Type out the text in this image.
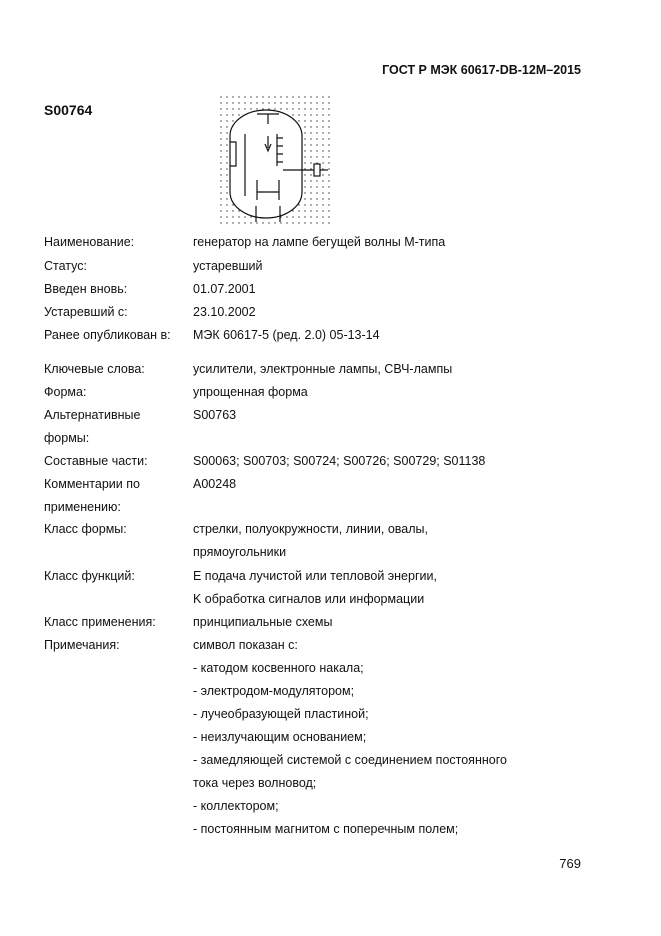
ГОСТ Р МЭК 60617-DB-12M–2015
S00764
Наименование:	генератор на лампе бегущей волны М-типа
Статус:	устаревший
Введен вновь:	01.07.2001
Устаревший с:	23.10.2002
Ранее опубликован в: МЭК 60617-5 (ред. 2.0) 05-13-14
Ключевые слова:	усилители, электронные лампы, СВЧ-лампы
Форма:	упрощенная форма
Альтернативные	S00763
формы:
Составные части:	S00063; S00703; S00724; S00726; S00729; S01138
Комментарии по	A00248
применению:
Класс формы:	стрелки, полуокружности, линии, овалы,
прямоугольники
Класс функций:	E подача лучистой или тепловой энергии,
K обработка сигналов или информации
Класс применения:	принципиальные схемы
Примечания:	символ показан с:
- катодом косвенного накала;
- электродом-модулятором;
- лучеобразующей пластиной;
- неизлучающим основанием;
- замедляющей системой с соединением постоянного
тока через волновод;
- коллектором;
- постоянным магнитом с поперечным полем;
769
